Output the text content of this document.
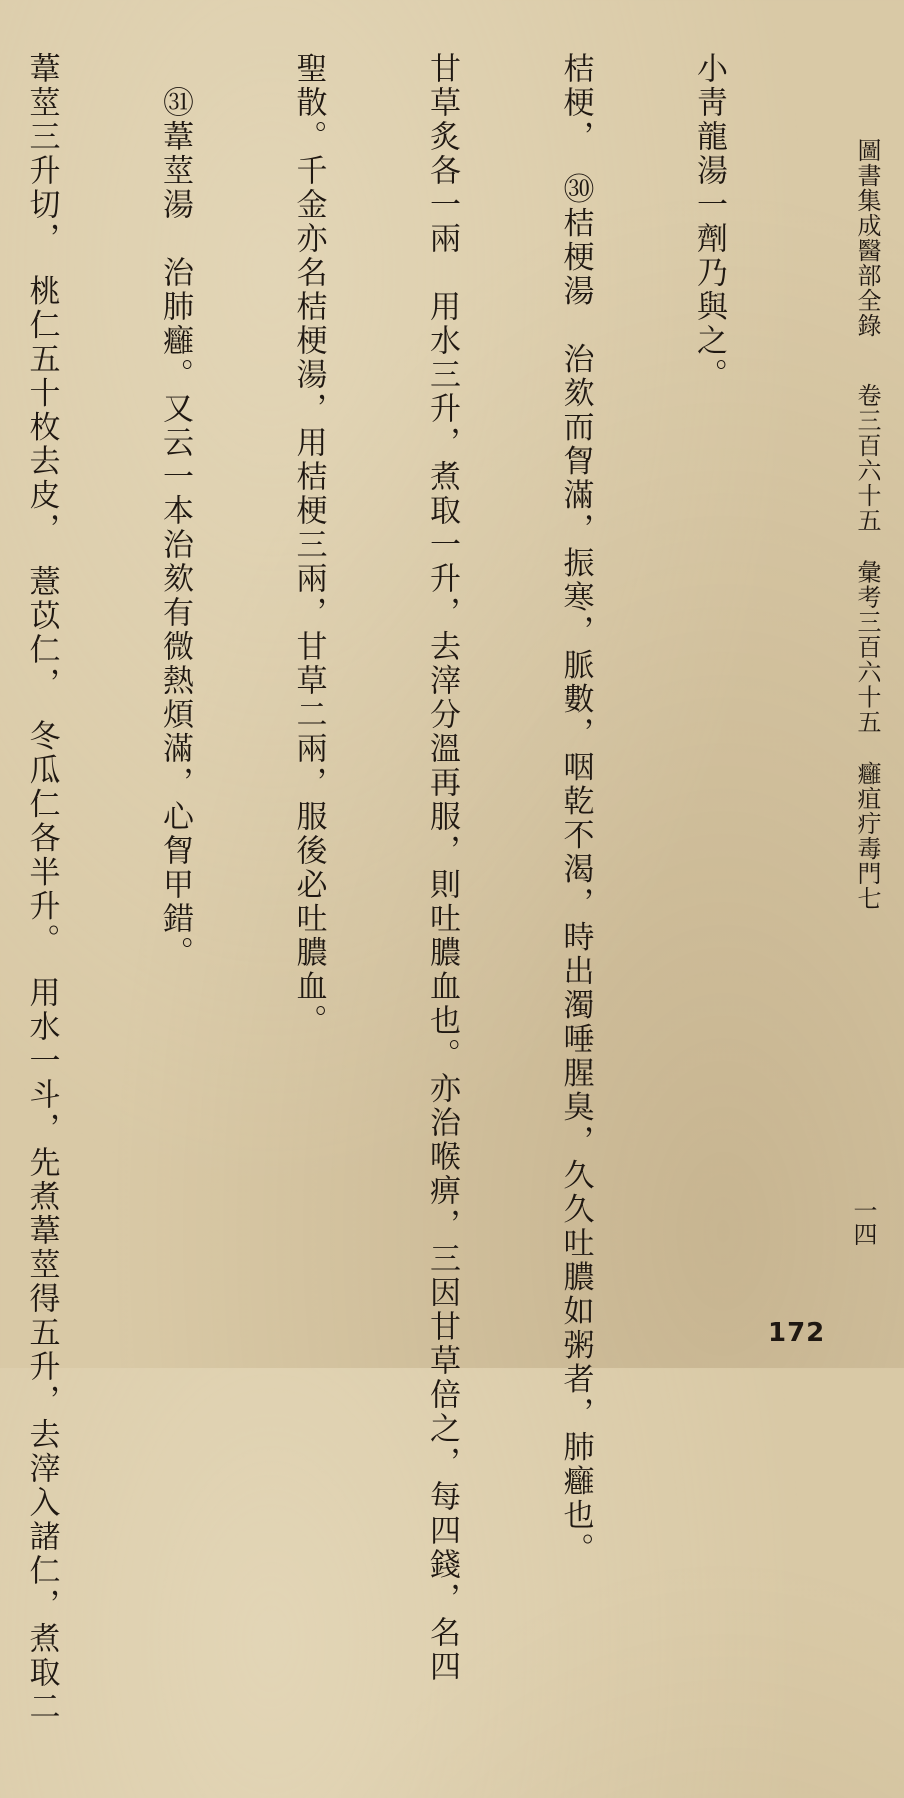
圖書集成醫部全錄 卷三百六十五 彙考三百六十五 癰疽疔毒門七
一四

小靑龍湯一劑乃與之。

桔梗，　㉚桔梗湯　治欬而胷滿，振寒，脈數，咽乾不渴，時出濁唾腥臭，久久吐膿如粥者，肺癰也。

甘草炙各一兩　用水三升，煮取一升，去滓分溫再服，則吐膿血也。亦治喉痹，三因甘草倍之，每四錢，名四

聖散。千金亦名桔梗湯，用桔梗三兩，甘草二兩，服後必吐膿血。

　㉛葦莖湯　治肺癰。又云一本治欬有微熱煩滿，心胷甲錯。

葦莖三升切，　桃仁五十枚去皮，　薏苡仁，　冬瓜仁各半升。　用水一斗，先煮葦莖得五升，去滓入諸仁，煮取二

	172
